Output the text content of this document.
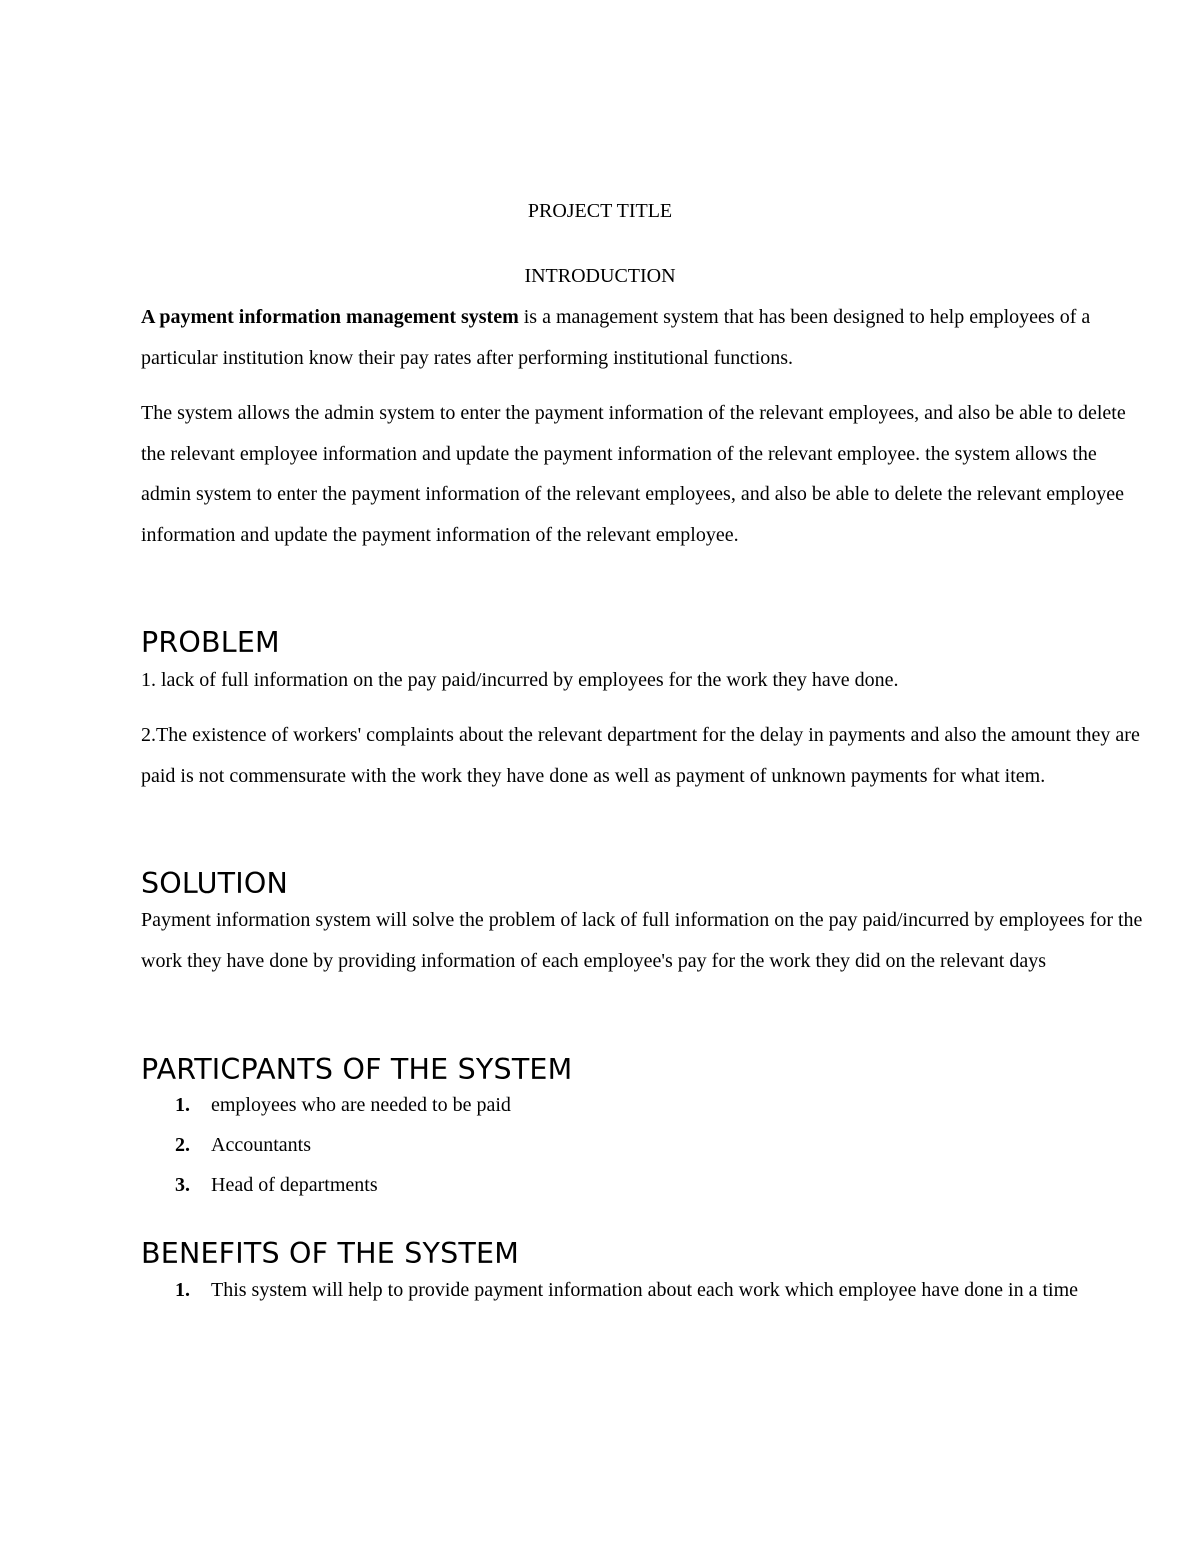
PROJECT TITLE

INTRODUCTION

A payment information management system is a management system that has been designed to help employees of a particular institution know their pay rates after performing institutional functions.

The system allows the admin system to enter the payment information of the relevant employees, and also be able to delete the relevant employee information and update the payment information of the relevant employee. the system allows the admin system to enter the payment information of the relevant employees, and also be able to delete the relevant employee information and update the payment information of the relevant employee.

PROBLEM

1. lack of full information on the pay paid/incurred by employees for the work they have done.

2.The existence of workers' complaints about the relevant department for the delay in payments and also the amount they are paid is not commensurate with the work they have done as well as payment of unknown payments for what item.

SOLUTION

Payment information system will solve the problem of lack of full information on the pay paid/incurred by employees for the work they have done by providing information of each employee's pay for the work they did on the relevant days

PARTICPANTS OF THE SYSTEM
1.	employees who are needed to be paid
2.	Accountants
3.	Head of departments
BENEFITS OF THE SYSTEM
1.	This system will help to provide payment information about each work which employee have done in a time
